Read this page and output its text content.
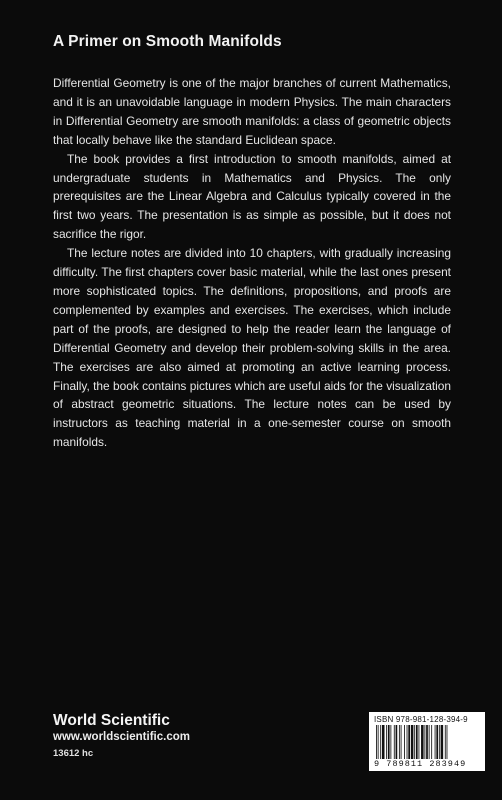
A Primer on Smooth Manifolds

Differential Geometry is one of the major branches of current Mathematics, and it is an unavoidable language in modern Physics. The main characters in Differential Geometry are smooth manifolds: a class of geometric objects that locally behave like the standard Euclidean space.

The book provides a first introduction to smooth manifolds, aimed at undergraduate students in Mathematics and Physics. The only prerequisites are the Linear Algebra and Calculus typically covered in the first two years. The presentation is as simple as possible, but it does not sacrifice the rigor.

The lecture notes are divided into 10 chapters, with gradually increasing difficulty. The first chapters cover basic material, while the last ones present more sophisticated topics. The definitions, propositions, and proofs are complemented by examples and exercises. The exercises, which include part of the proofs, are designed to help the reader learn the language of Differential Geometry and develop their problem-solving skills in the area. The exercises are also aimed at promoting an active learning process. Finally, the book contains pictures which are useful aids for the visualization of abstract geometric situations. The lecture notes can be used by instructors as teaching material in a one-semester course on smooth manifolds.

World Scientific
www.worldscientific.com
13612 hc
ISBN 978-981-128-394-9
9 789811 283949
